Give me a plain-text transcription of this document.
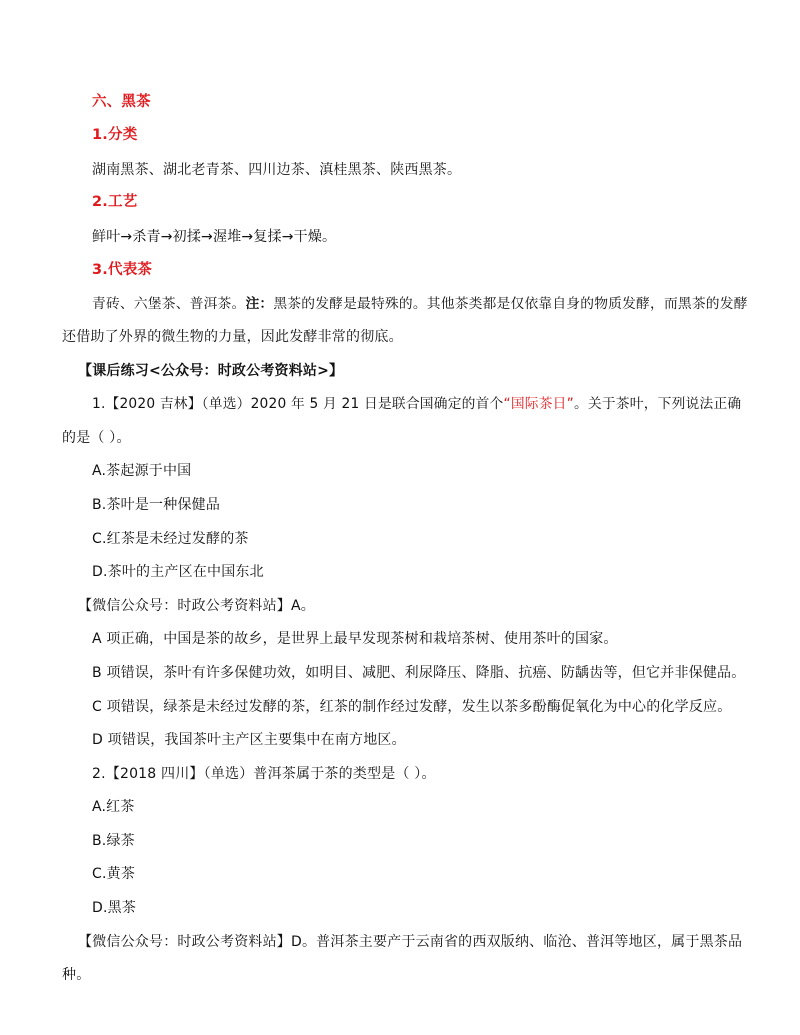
六、黑茶
1.分类
湖南黑茶、湖北老青茶、四川边茶、滇桂黑茶、陕西黑茶。
2.工艺
鲜叶→杀青→初揉→渥堆→复揉→干燥。
3.代表茶
青砖、六堡茶、普洱茶。注：黑茶的发酵是最特殊的。其他茶类都是仅依靠自身的物质发酵，而黑茶的发酵
还借助了外界的微生物的力量，因此发酵非常的彻底。
【课后练习<公众号：时政公考资料站>】
1.【2020 吉林】（单选）2020 年 5 月 21 日是联合国确定的首个“国际茶日”。关于茶叶，下列说法正确
的是（ ）。
A.茶起源于中国
B.茶叶是一种保健品
C.红茶是未经过发酵的茶
D.茶叶的主产区在中国东北
【微信公众号：时政公考资料站】A。
A 项正确，中国是茶的故乡，是世界上最早发现茶树和栽培茶树、使用茶叶的国家。
B 项错误，茶叶有许多保健功效，如明目、减肥、利尿降压、降脂、抗癌、防龋齿等，但它并非保健品。
C 项错误，绿茶是未经过发酵的茶，红茶的制作经过发酵，发生以茶多酚酶促氧化为中心的化学反应。
D 项错误，我国茶叶主产区主要集中在南方地区。
2.【2018 四川】（单选）普洱茶属于茶的类型是（ ）。
A.红茶
B.绿茶
C.黄茶
D.黑茶
【微信公众号：时政公考资料站】D。普洱茶主要产于云南省的西双版纳、临沧、普洱等地区，属于黑茶品
种。
